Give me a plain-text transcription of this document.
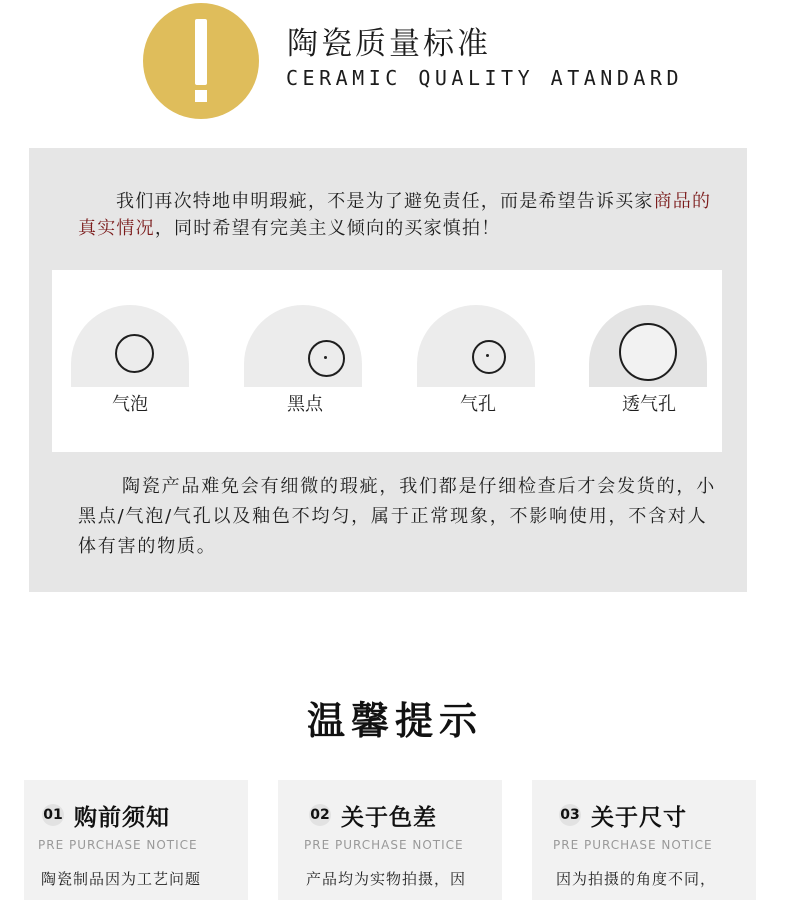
陶瓷质量标准
CERAMIC QUALITY ATANDARD
我们再次特地申明瑕疵，不是为了避免责任，而是希望告诉买家商品的真实情况，同时希望有完美主义倾向的买家慎拍！
气泡	黑点	气孔	透气孔
陶瓷产品难免会有细微的瑕疵，我们都是仔细检查后才会发货的，小黑点/气泡/气孔以及釉色不均匀，属于正常现象，不影响使用，不含对人体有害的物质。
温馨提示
01 购前须知
PRE PURCHASE NOTICE
陶瓷制品因为工艺问题
02 关于色差
PRE PURCHASE NOTICE
产品均为实物拍摄，因
03 关于尺寸
PRE PURCHASE NOTICE
因为拍摄的角度不同，
